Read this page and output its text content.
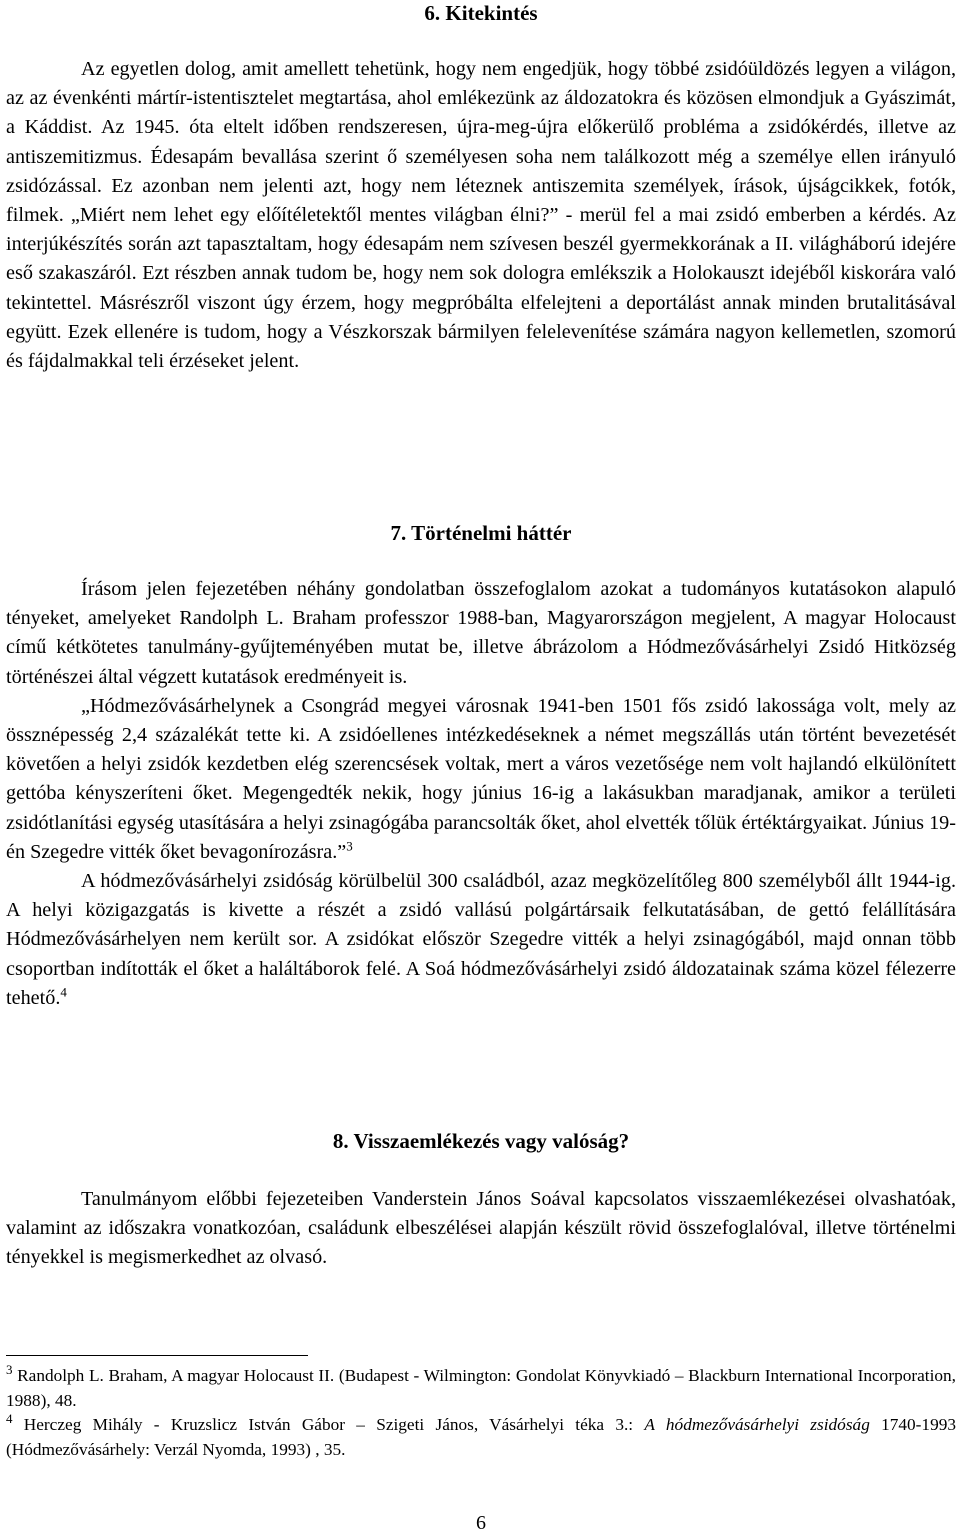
6. Kitekintés

Az egyetlen dolog, amit amellett tehetünk, hogy nem engedjük, hogy többé zsidóüldözés legyen a világon, az az évenkénti mártír-istentisztelet megtartása, ahol emlékezünk az áldozatokra és közösen elmondjuk a Gyászimát, a Káddist. Az 1945. óta eltelt időben rendszeresen, újra-meg-újra előkerülő probléma a zsidókérdés, illetve az antiszemitizmus. Édesapám bevallása szerint ő személyesen soha nem találkozott még a személye ellen irányuló zsidózással. Ez azonban nem jelenti azt, hogy nem léteznek antiszemita személyek, írások, újságcikkek, fotók, filmek. „Miért nem lehet egy előítéletektől mentes világban élni?” - merül fel a mai zsidó emberben a kérdés. Az interjúkészítés során azt tapasztaltam, hogy édesapám nem szívesen beszél gyermekkorának a II. világháború idejére eső szakaszáról. Ezt részben annak tudom be, hogy nem sok dologra emlékszik a Holokauszt idejéből kiskorára való tekintettel. Másrészről viszont úgy érzem, hogy megpróbálta elfelejteni a deportálást annak minden brutalitásával együtt. Ezek ellenére is tudom, hogy a Vészkorszak bármilyen felelevenítése számára nagyon kellemetlen, szomorú és fájdalmakkal teli érzéseket jelent.

7. Történelmi háttér

Írásom jelen fejezetében néhány gondolatban összefoglalom azokat a tudományos kutatásokon alapuló tényeket, amelyeket Randolph L. Braham professzor 1988-ban, Magyarországon megjelent, A magyar Holocaust című kétkötetes tanulmány-gyűjteményében mutat be, illetve ábrázolom a Hódmezővásárhelyi Zsidó Hitközség történészei által végzett kutatások eredményeit is.

„Hódmezővásárhelynek a Csongrád megyei városnak 1941-ben 1501 fős zsidó lakossága volt, mely az össznépesség 2,4 százalékát tette ki. A zsidóellenes intézkedéseknek a német megszállás után történt bevezetését követően a helyi zsidók kezdetben elég szerencsések voltak, mert a város vezetősége nem volt hajlandó elkülönített gettóba kényszeríteni őket. Megengedték nekik, hogy június 16-ig a lakásukban maradjanak, amikor a területi zsidótlanítási egység utasítására a helyi zsinagógába parancsolták őket, ahol elvették tőlük értéktárgyaikat. Június 19-én Szegedre vitték őket bevagonírozásra.”$^3$

A hódmezővásárhelyi zsidóság körülbelül 300 családból, azaz megközelítőleg 800 személyből állt 1944-ig. A helyi közigazgatás is kivette a részét a zsidó vallású polgártársaik felkutatásában, de gettó felállítására Hódmezővásárhelyen nem került sor. A zsidókat először Szegedre vitték a helyi zsinagógából, majd onnan több csoportban indították el őket a haláltáborok felé. A Soá hódmezővásárhelyi zsidó áldozatainak száma közel félezerre tehető.$^4$

8. Visszaemlékezés vagy valóság?

Tanulmányom előbbi fejezeteiben Vanderstein János Soával kapcsolatos visszaemlékezései olvashatóak, valamint az időszakra vonatkozóan, családunk elbeszélései alapján készült rövid összefoglalóval, illetve történelmi tényekkel is megismerkedhet az olvasó.

$^3$ Randolph L. Braham, A magyar Holocaust II. (Budapest - Wilmington: Gondolat Könyvkiadó – Blackburn International Incorporation, 1988), 48.

$^4$ Herczeg Mihály - Kruzslicz István Gábor – Szigeti János, Vásárhelyi téka 3.: A hódmezővásárhelyi zsidóság 1740-1993 (Hódmezővásárhely: Verzál Nyomda, 1993) , 35.

6
